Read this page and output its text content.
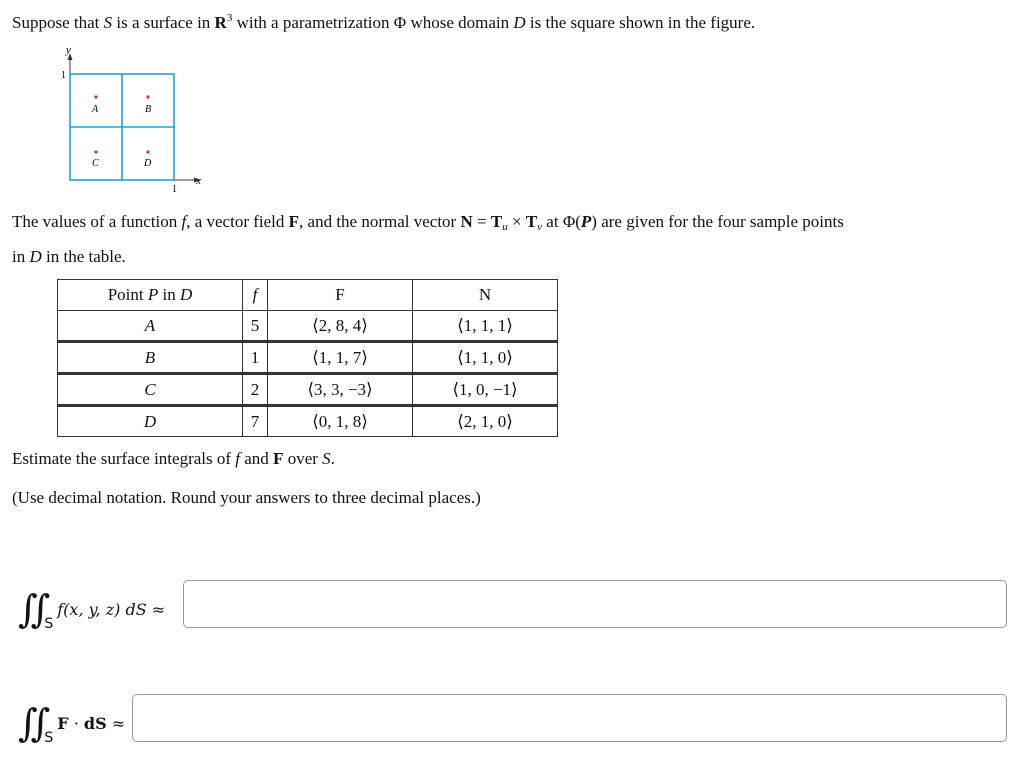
Suppose that S is a surface in $R^3$ with a parametrization Φ whose domain D is the square shown in the figure.

y
x
1
1
A	B
C	D

The values of a function f, a vector field F, and the normal vector $N = T_u \times T_v$ at Φ(P) are given for the four sample points
in D in the table.

Point P in D	f	F	N
A	5	⟨2, 8, 4⟩	⟨1, 1, 1⟩
B	1	⟨1, 1, 7⟩	⟨1, 1, 0⟩
C	2	⟨3, 3, −3⟩	⟨1, 0, −1⟩
D	7	⟨0, 1, 8⟩	⟨2, 1, 0⟩

Estimate the surface integrals of f and F over S.

(Use decimal notation. Round your answers to three decimal places.)

∬ S
f(x, y, z) dS ≈
∬ S
F · dS ≈
